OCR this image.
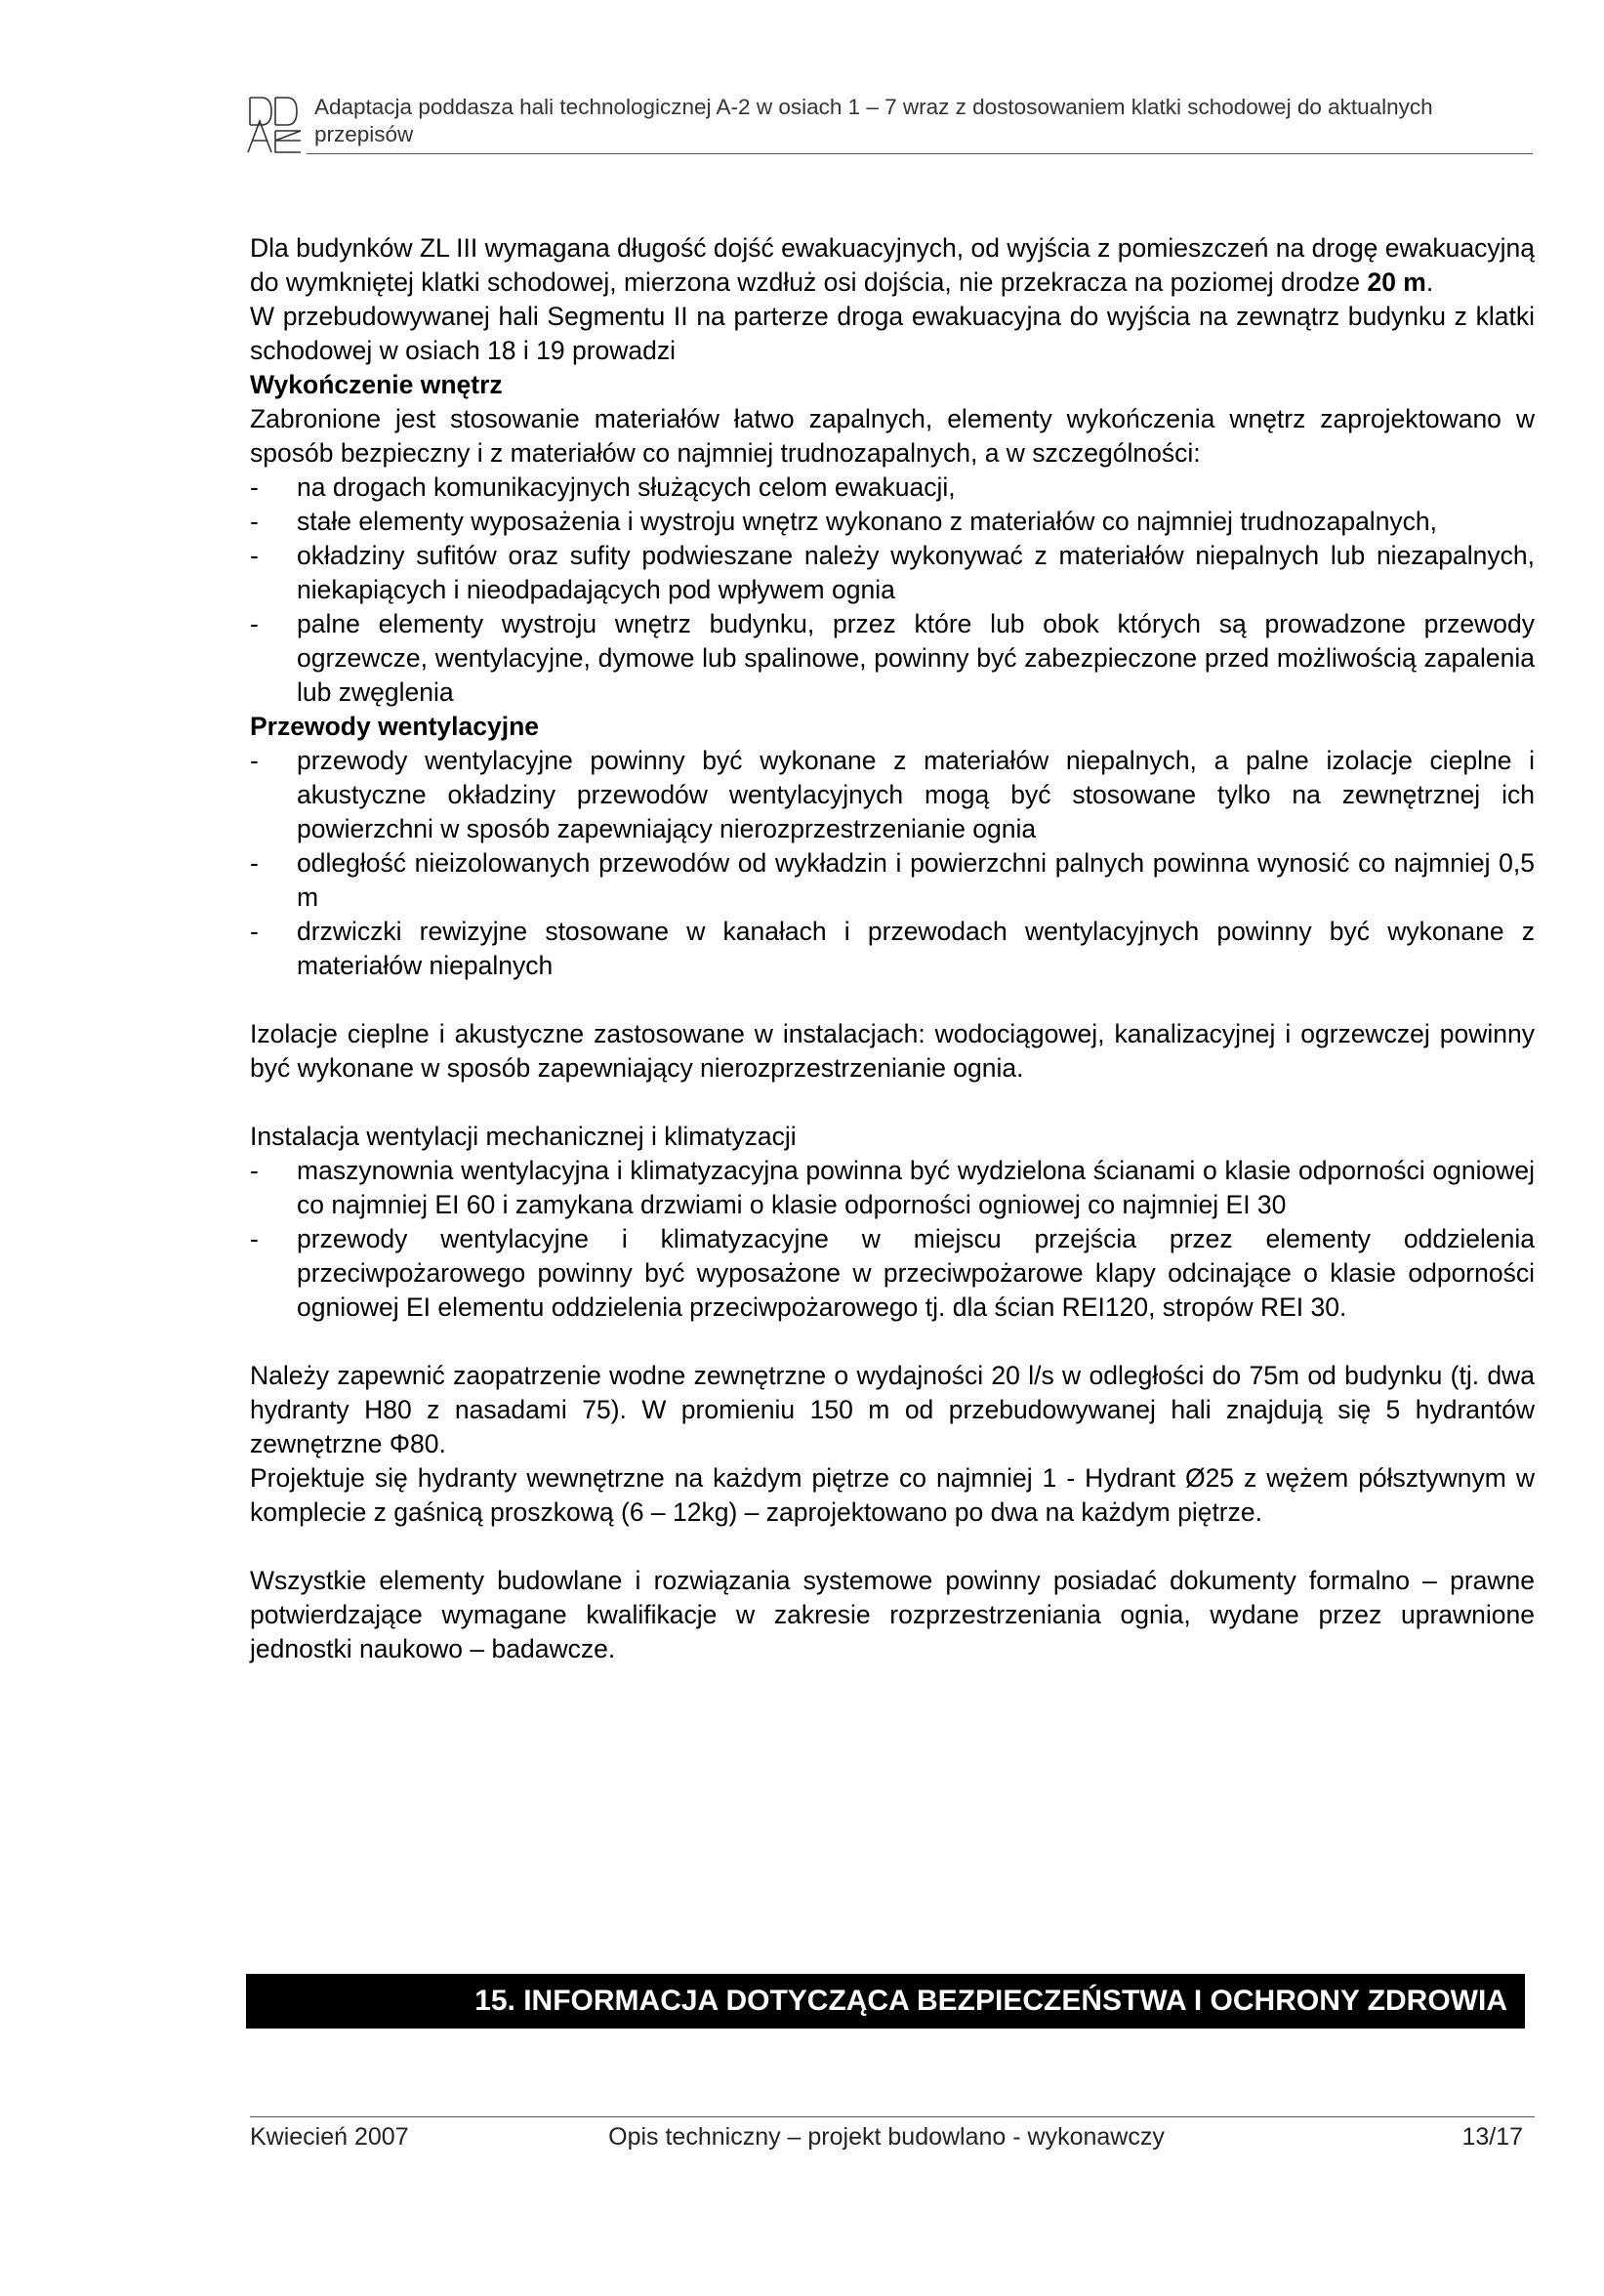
Adaptacja poddasza hali technologicznej A-2 w osiach 1 – 7 wraz z dostosowaniem klatki schodowej do aktualnych przepisów

Dla budynków ZL III wymagana długość dojść ewakuacyjnych, od wyjścia z pomieszczeń na drogę ewakuacyjną do wymkniętej klatki schodowej, mierzona wzdłuż osi dojścia, nie przekracza na poziomej drodze 20 m.

W przebudowywanej hali Segmentu II na parterze droga ewakuacyjna do wyjścia na zewnątrz budynku z klatki schodowej w osiach 18 i 19 prowadzi

Wykończenie wnętrz

Zabronione jest stosowanie materiałów łatwo zapalnych, elementy wykończenia wnętrz zaprojektowano w sposób bezpieczny i z materiałów co najmniej trudnozapalnych, a w szczególności:

- na drogach komunikacyjnych służących celom ewakuacji,

- stałe elementy wyposażenia i wystroju wnętrz wykonano z materiałów co najmniej trudnozapalnych,

- okładziny sufitów oraz sufity podwieszane należy wykonywać z materiałów niepalnych lub niezapalnych, niekapiących i nieodpadających pod wpływem ognia

- palne elementy wystroju wnętrz budynku, przez które lub obok których są prowadzone przewody ogrzewcze, wentylacyjne, dymowe lub spalinowe, powinny być zabezpieczone przed możliwością zapalenia lub zwęglenia

Przewody wentylacyjne

- przewody wentylacyjne powinny być wykonane z materiałów niepalnych, a palne izolacje cieplne i akustyczne okładziny przewodów wentylacyjnych mogą być stosowane tylko na zewnętrznej ich powierzchni w sposób zapewniający nierozprzestrzenianie ognia

- odległość nieizolowanych przewodów od wykładzin i powierzchni palnych powinna wynosić co najmniej 0,5 m

- drzwiczki rewizyjne stosowane w kanałach i przewodach wentylacyjnych powinny być wykonane z materiałów niepalnych

Izolacje cieplne i akustyczne zastosowane w instalacjach: wodociągowej, kanalizacyjnej i ogrzewczej powinny być wykonane w sposób zapewniający nierozprzestrzenianie ognia.

Instalacja wentylacji mechanicznej i klimatyzacji

- maszynownia wentylacyjna i klimatyzacyjna powinna być wydzielona ścianami o klasie odporności ogniowej co najmniej EI 60 i zamykana drzwiami o klasie odporności ogniowej co najmniej EI 30

- przewody wentylacyjne i klimatyzacyjne w miejscu przejścia przez elementy oddzielenia przeciwpożarowego powinny być wyposażone w przeciwpożarowe klapy odcinające o klasie odporności ogniowej EI elementu oddzielenia przeciwpożarowego tj. dla ścian REI120, stropów REI 30.

Należy zapewnić zaopatrzenie wodne zewnętrzne o wydajności 20 l/s w odległości do 75m od budynku (tj. dwa hydranty H80 z nasadami 75). W promieniu 150 m od przebudowywanej hali znajdują się 5 hydrantów zewnętrzne Φ80.

Projektuje się hydranty wewnętrzne na każdym piętrze co najmniej 1 - Hydrant Ø25 z wężem półsztywnym w komplecie z gaśnicą proszkową (6 – 12kg) – zaprojektowano po dwa na każdym piętrze.

Wszystkie elementy budowlane i rozwiązania systemowe powinny posiadać dokumenty formalno – prawne potwierdzające wymagane kwalifikacje w zakresie rozprzestrzeniania ognia, wydane przez uprawnione jednostki naukowo – badawcze.

15. INFORMACJA DOTYCZĄCA BEZPIECZEŃSTWA I OCHRONY ZDROWIA
Kwiecień 2007	Opis techniczny – projekt budowlano - wykonawczy	13/17
